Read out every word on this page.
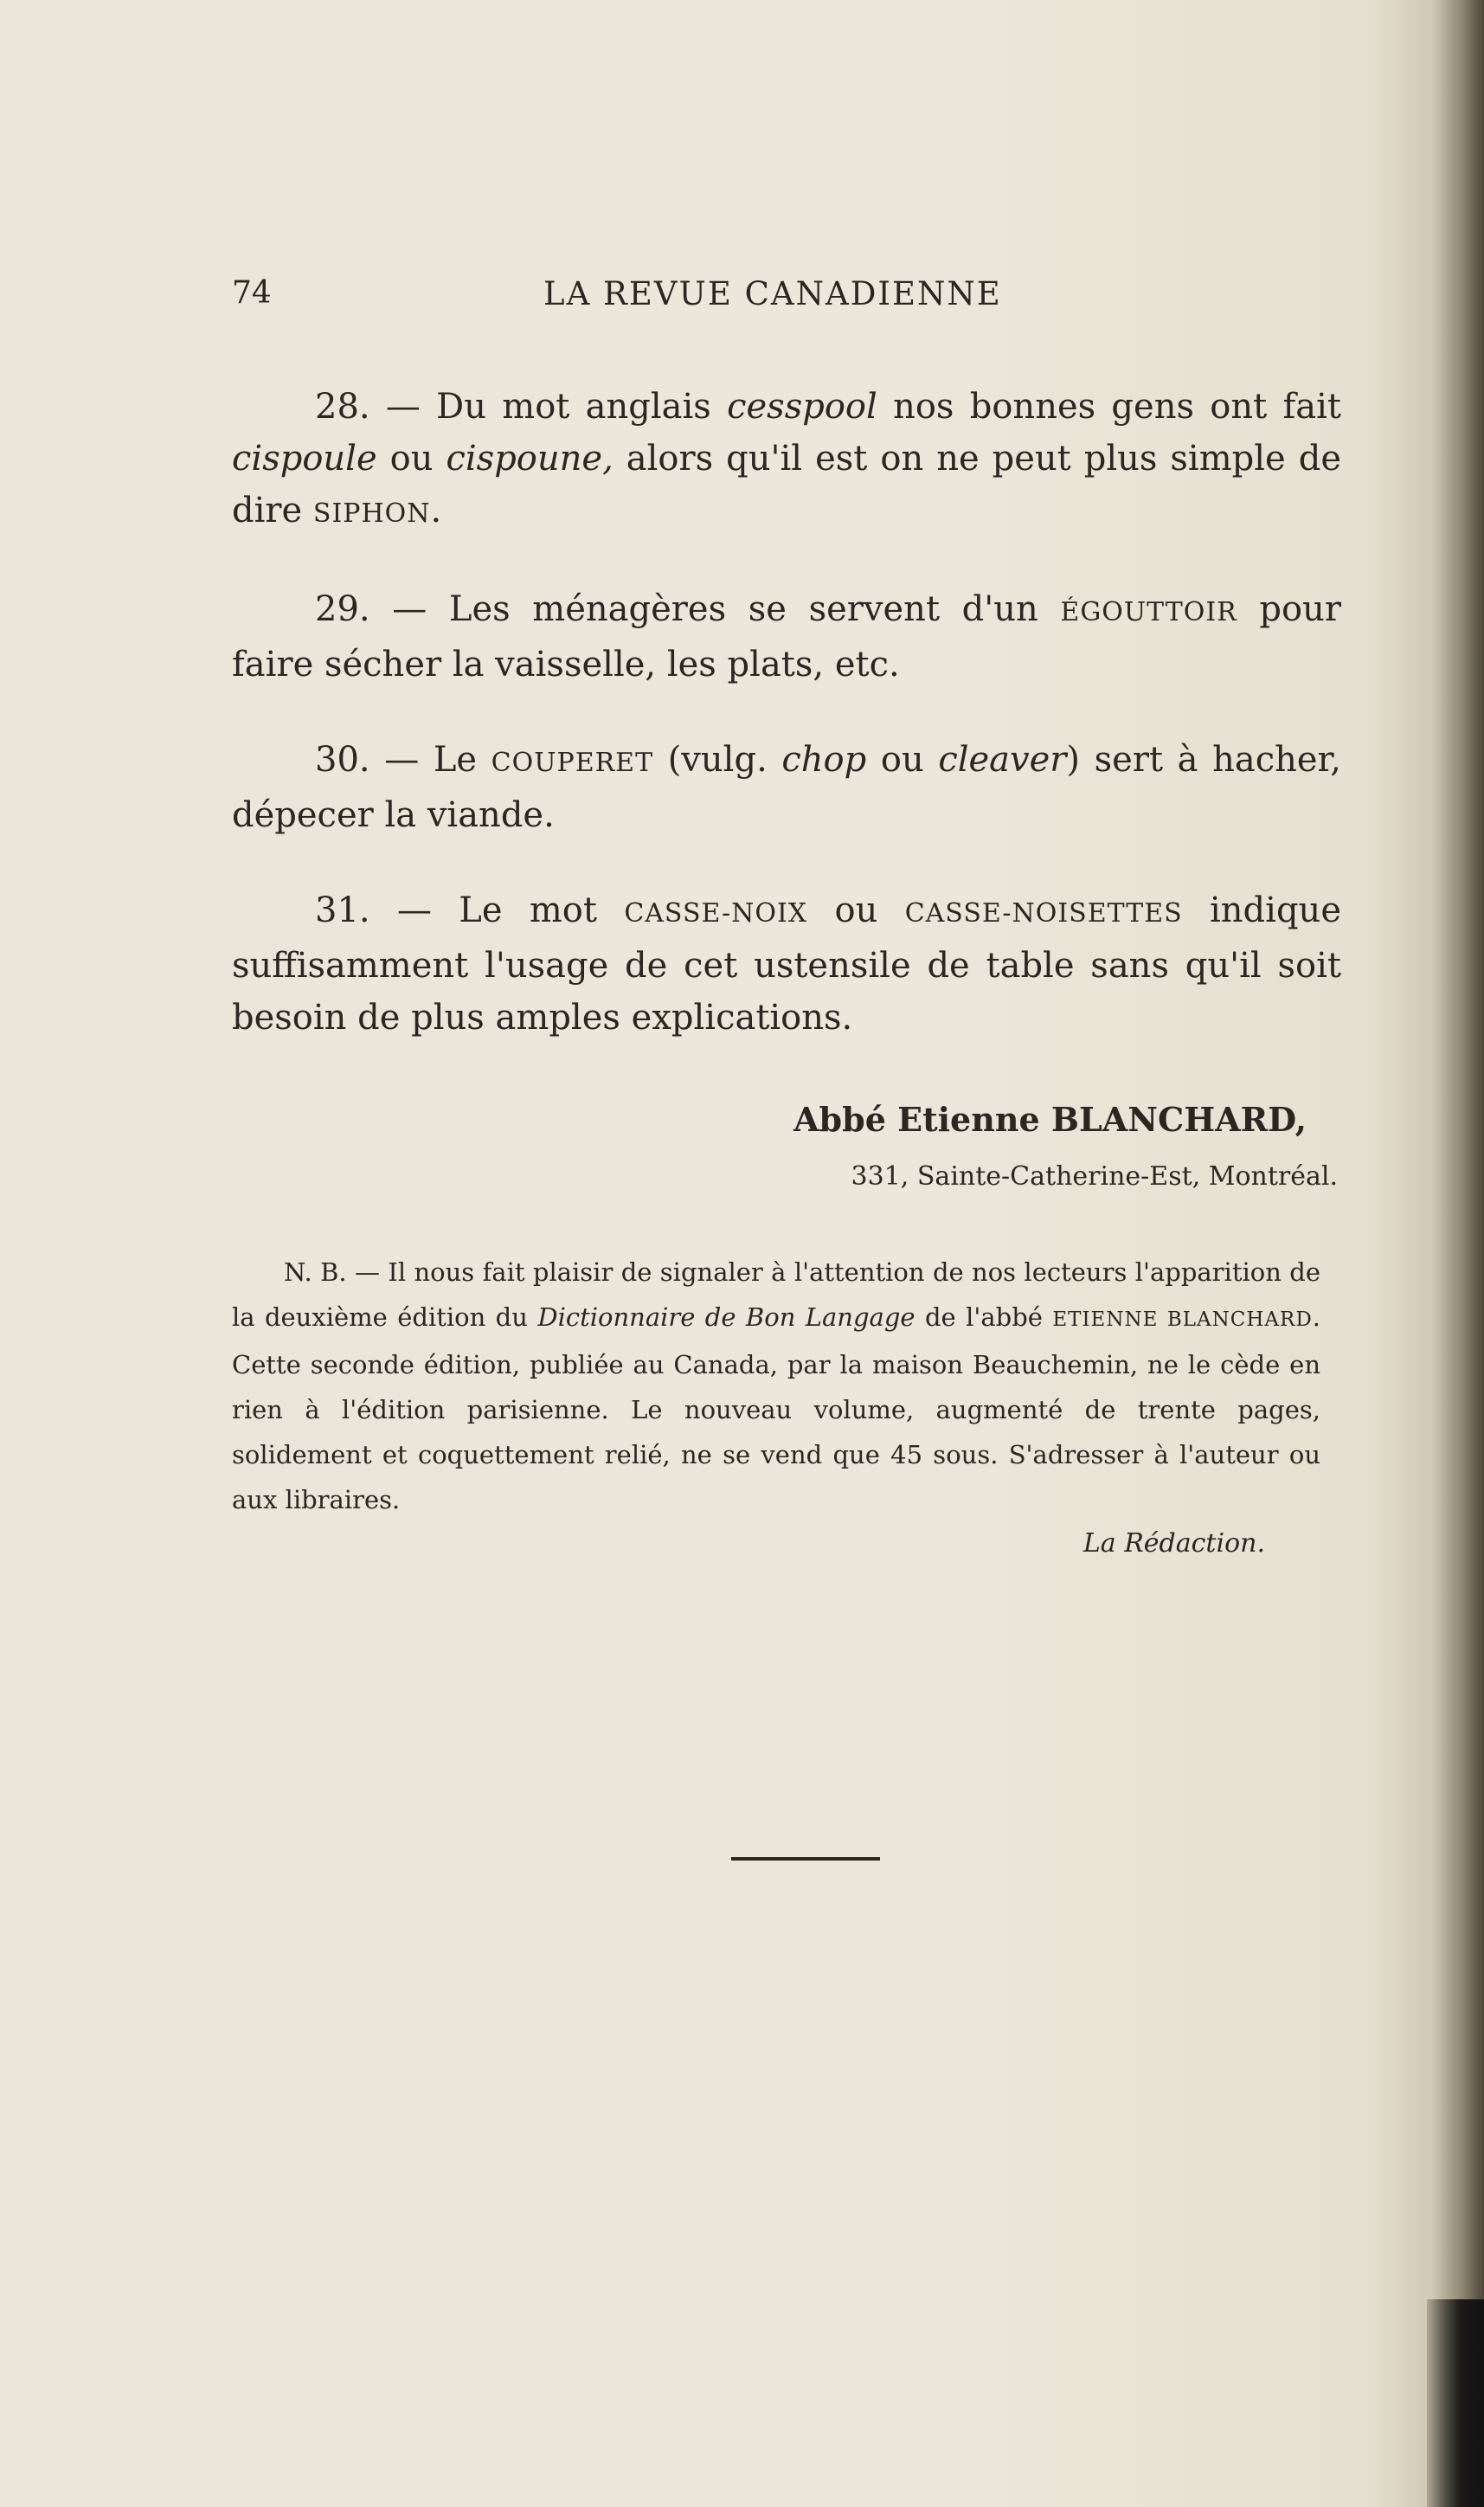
74	LA REVUE CANADIENNE

28. — Du mot anglais cesspool nos bonnes gens ont fait cispoule ou cispoune, alors qu'il est on ne peut plus simple de dire SIPHON.

29. — Les ménagères se servent d'un ÉGOUTTOIR pour faire sécher la vaisselle, les plats, etc.

30. — Le COUPERET (vulg. chop ou cleaver) sert à hacher, dépecer la viande.

31. — Le mot CASSE-NOIX ou CASSE-NOISETTES indique suffisamment l'usage de cet ustensile de table sans qu'il soit besoin de plus amples explications.

Abbé Etienne BLANCHARD,
331, Sainte-Catherine-Est, Montréal.
N. B. — Il nous fait plaisir de signaler à l'attention de nos lecteurs l'apparition de la deuxième édition du Dictionnaire de Bon Langage de l'abbé ETIENNE BLANCHARD. Cette seconde édition, publiée au Canada, par la maison Beauchemin, ne le cède en rien à l'édition parisienne. Le nouveau volume, augmenté de trente pages, solidement et coquettement relié, ne se vend que 45 sous. S'adresser à l'auteur ou aux libraires.
La Rédaction.
